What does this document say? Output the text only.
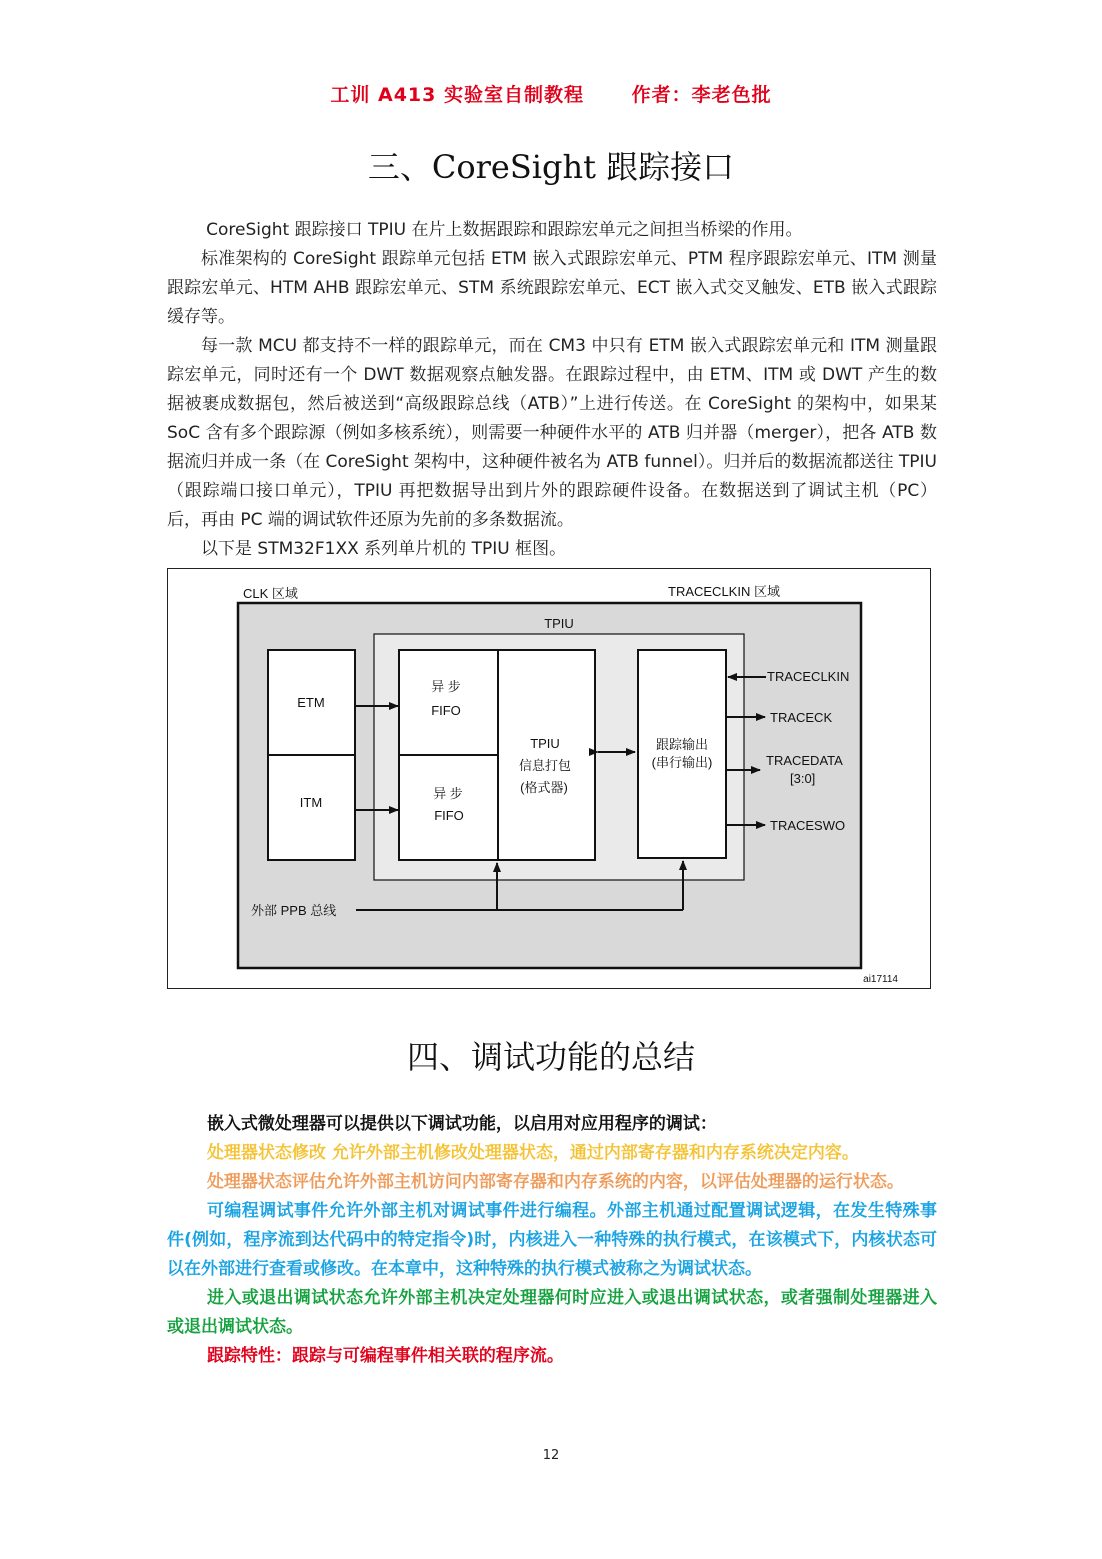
工训 A413 实验室自制教程	作者：李老色批
三、CoreSight 跟踪接口

CoreSight 跟踪接口 TPIU 在片上数据跟踪和跟踪宏单元之间担当桥梁的作用。

标准架构的 CoreSight 跟踪单元包括 ETM 嵌入式跟踪宏单元、PTM 程序跟踪宏单元、ITM 测量跟踪宏单元、HTM AHB 跟踪宏单元、STM 系统跟踪宏单元、ECT 嵌入式交叉触发、ETB 嵌入式跟踪缓存等。

每一款 MCU 都支持不一样的跟踪单元，而在 CM3 中只有 ETM 嵌入式跟踪宏单元和 ITM 测量跟踪宏单元，同时还有一个 DWT 数据观察点触发器。在跟踪过程中，由 ETM、ITM 或 DWT 产生的数据被裹成数据包，然后被送到“高级跟踪总线（ATB）”上进行传送。在 CoreSight 的架构中，如果某 SoC 含有多个跟踪源（例如多核系统），则需要一种硬件水平的 ATB 归并器（merger），把各 ATB 数据流归并成一条（在 CoreSight 架构中，这种硬件被名为 ATB funnel）。归并后的数据流都送往 TPIU（跟踪端口接口单元），TPIU 再把数据导出到片外的跟踪硬件设备。在数据送到了调试主机（PC）后，再由 PC 端的调试软件还原为先前的多条数据流。

以下是 STM32F1XX 系列单片机的 TPIU 框图。

CLK 区域	TRACECLKIN 区域
TPIU
ETM
ITM
异 步
FIFO
异 步
FIFO
TPIU
信息打包
(格式器)
跟踪输出
(串行输出)
TRACECLKIN
TRACECK
TRACEDATA
[3:0]
TRACESWO
外部 PPB 总线
ai17114
四、调试功能的总结

嵌入式微处理器可以提供以下调试功能，以启用对应用程序的调试：

处理器状态修改 允许外部主机修改处理器状态，通过内部寄存器和内存系统决定内容。

处理器状态评估允许外部主机访问内部寄存器和内存系统的内容，以评估处理器的运行状态。

可编程调试事件允许外部主机对调试事件进行编程。外部主机通过配置调试逻辑，在发生特殊事件(例如，程序流到达代码中的特定指令)时，内核进入一种特殊的执行模式，在该模式下，内核状态可以在外部进行查看或修改。在本章中，这种特殊的执行模式被称之为调试状态。

进入或退出调试状态允许外部主机决定处理器何时应进入或退出调试状态，或者强制处理器进入或退出调试状态。

跟踪特性：跟踪与可编程事件相关联的程序流。

12
